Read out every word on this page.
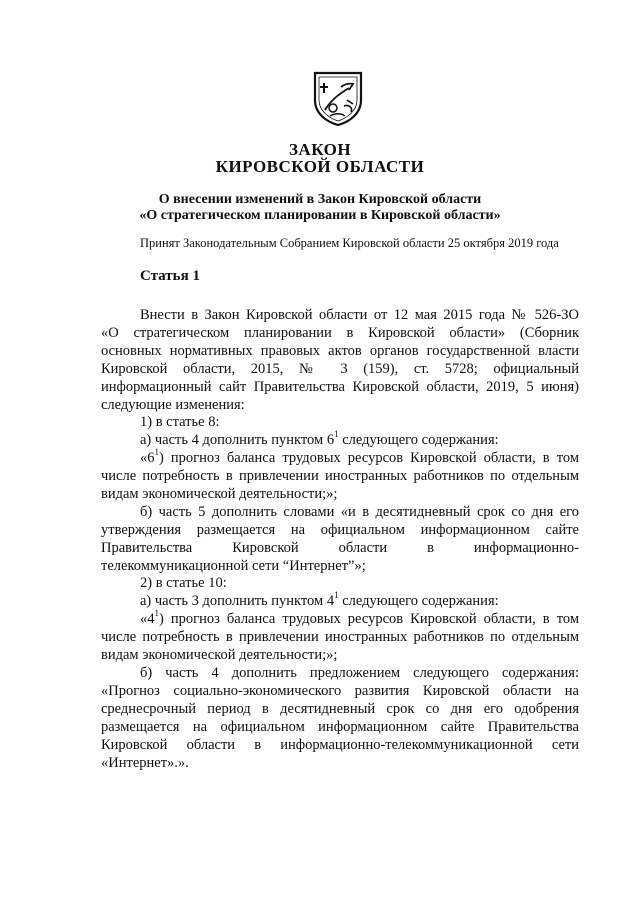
ЗАКОН
КИРОВСКОЙ ОБЛАСТИ
О внесении изменений в Закон Кировской области
«О стратегическом планировании в Кировской области»
Принят Законодательным Собранием Кировской области 25 октября 2019 года
Статья 1
Внести в Закон Кировской области от 12 мая 2015 года № 526-ЗО
«О стратегическом планировании в Кировской области» (Сборник
основных нормативных правовых актов органов государственной власти
Кировской области, 2015, № 3 (159), ст. 5728; официальный
информационный сайт Правительства Кировской области, 2019, 5 июня)
следующие изменения:
1) в статье 8:
а) часть 4 дополнить пунктом $6^1$ следующего содержания:
«$6^1$) прогноз баланса трудовых ресурсов Кировской области, в том
числе потребность в привлечении иностранных работников по отдельным
видам экономической деятельности;»;
б) часть 5 дополнить словами «и в десятидневный срок со дня его
утверждения размещается на официальном информационном сайте
Правительства Кировской области в информационно-
телекоммуникационной сети “Интернет”»;
2) в статье 10:
а) часть 3 дополнить пунктом $4^1$ следующего содержания:
«$4^1$) прогноз баланса трудовых ресурсов Кировской области, в том
числе потребность в привлечении иностранных работников по отдельным
видам экономической деятельности;»;
б) часть 4 дополнить предложением следующего содержания:
«Прогноз социально-экономического развития Кировской области на
среднесрочный период в десятидневный срок со дня его одобрения
размещается на официальном информационном сайте Правительства
Кировской области в информационно-телекоммуникационной сети
«Интернет».».
